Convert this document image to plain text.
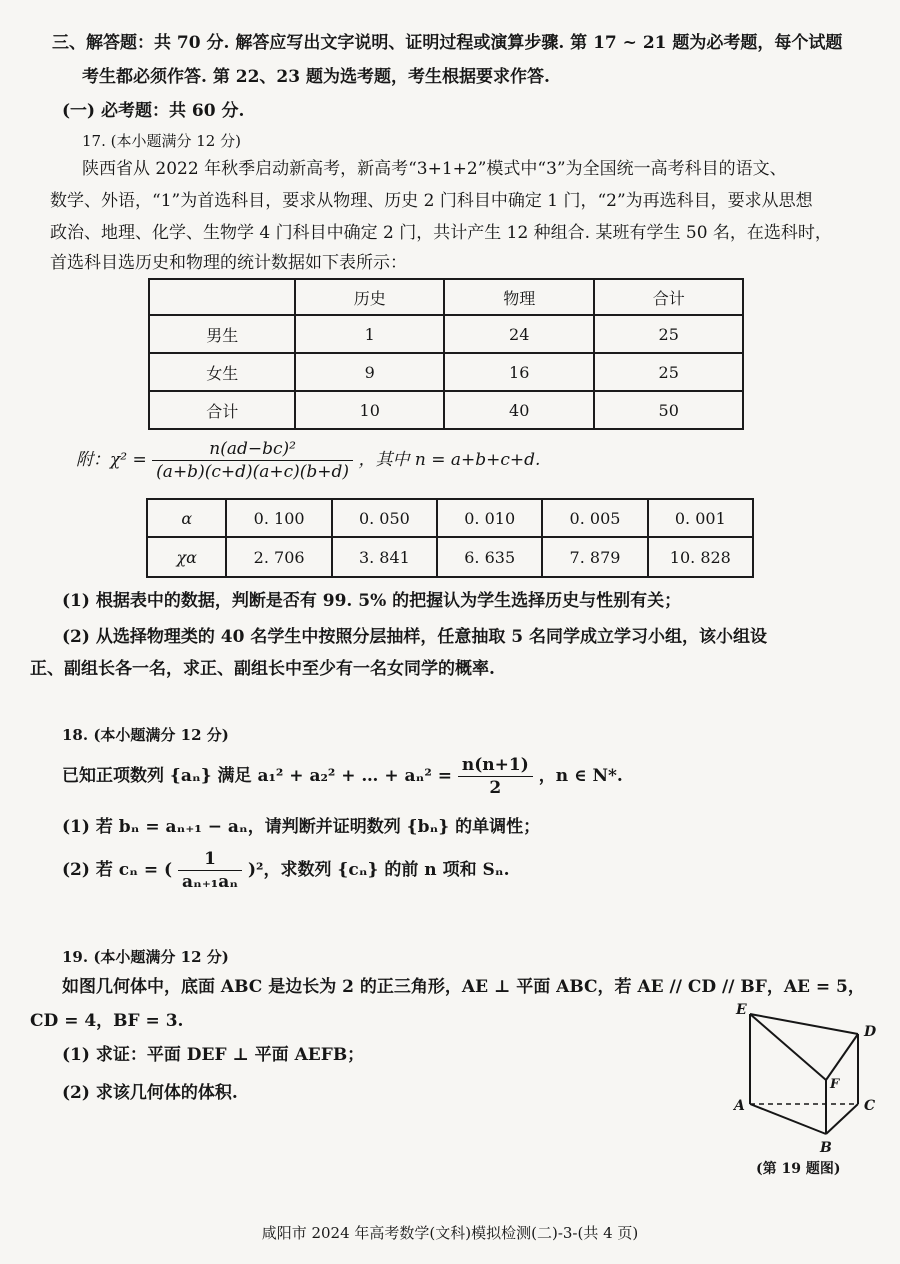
三、解答题：共 70 分. 解答应写出文字说明、证明过程或演算步骤. 第 17 ~ 21 题为必考题，每个试题
考生都必须作答. 第 22、23 题为选考题，考生根据要求作答.
(一) 必考题：共 60 分.
17. (本小题满分 12 分)
陕西省从 2022 年秋季启动新高考，新高考“3+1+2”模式中“3”为全国统一高考科目的语文、
数学、外语，“1”为首选科目，要求从物理、历史 2 门科目中确定 1 门，“2”为再选科目，要求从思想
政治、地理、化学、生物学 4 门科目中确定 2 门，共计产生 12 种组合. 某班有学生 50 名，在选科时，
首选科目选历史和物理的统计数据如下表所示：
	历史	物理	合计
男生	1	24	25
女生	9	16	25
合计	10	40	50
附：$\chi^2 = \frac{\text{n(ad−bc)²}}{(a+b)(c+d)(a+c)(b+d)}$ ，其中 n = a+b+c+d.
α	0. 100	0. 050	0. 010	0. 005	0. 001
χα	2. 706	3. 841	6. 635	7. 879	10. 828
(1) 根据表中的数据，判断是否有 99. 5% 的把握认为学生选择历史与性别有关；
(2) 从选择物理类的 40 名学生中按照分层抽样，任意抽取 5 名同学成立学习小组，该小组设
正、副组长各一名，求正、副组长中至少有一名女同学的概率.
18. (本小题满分 12 分)
已知正项数列 {aₙ} 满足 a₁² + a₂² + … + $a_n^2 = \frac{n(n+1)}{2}$ ，n ∈ N*.
(1) 若 bₙ = aₙ₊₁ − aₙ，请判断并证明数列 {bₙ} 的单调性；
(2) 若 cₙ = ( $\frac{1}{\text{aₙ₊₁aₙ}} )^2$，求数列 {cₙ} 的前 n 项和 Sₙ.
19. (本小题满分 12 分)
如图几何体中，底面 ABC 是边长为 2 的正三角形，AE ⊥ 平面 ABC，若 AE // CD // BF，AE = 5，
CD = 4，BF = 3.
(1) 求证：平面 DEF ⊥ 平面 AEFB；
(2) 求该几何体的体积.
E
D
F
A	C
B
(第 19 题图)
咸阳市 2024 年高考数学(文科)模拟检测(二)-3-(共 4 页)
